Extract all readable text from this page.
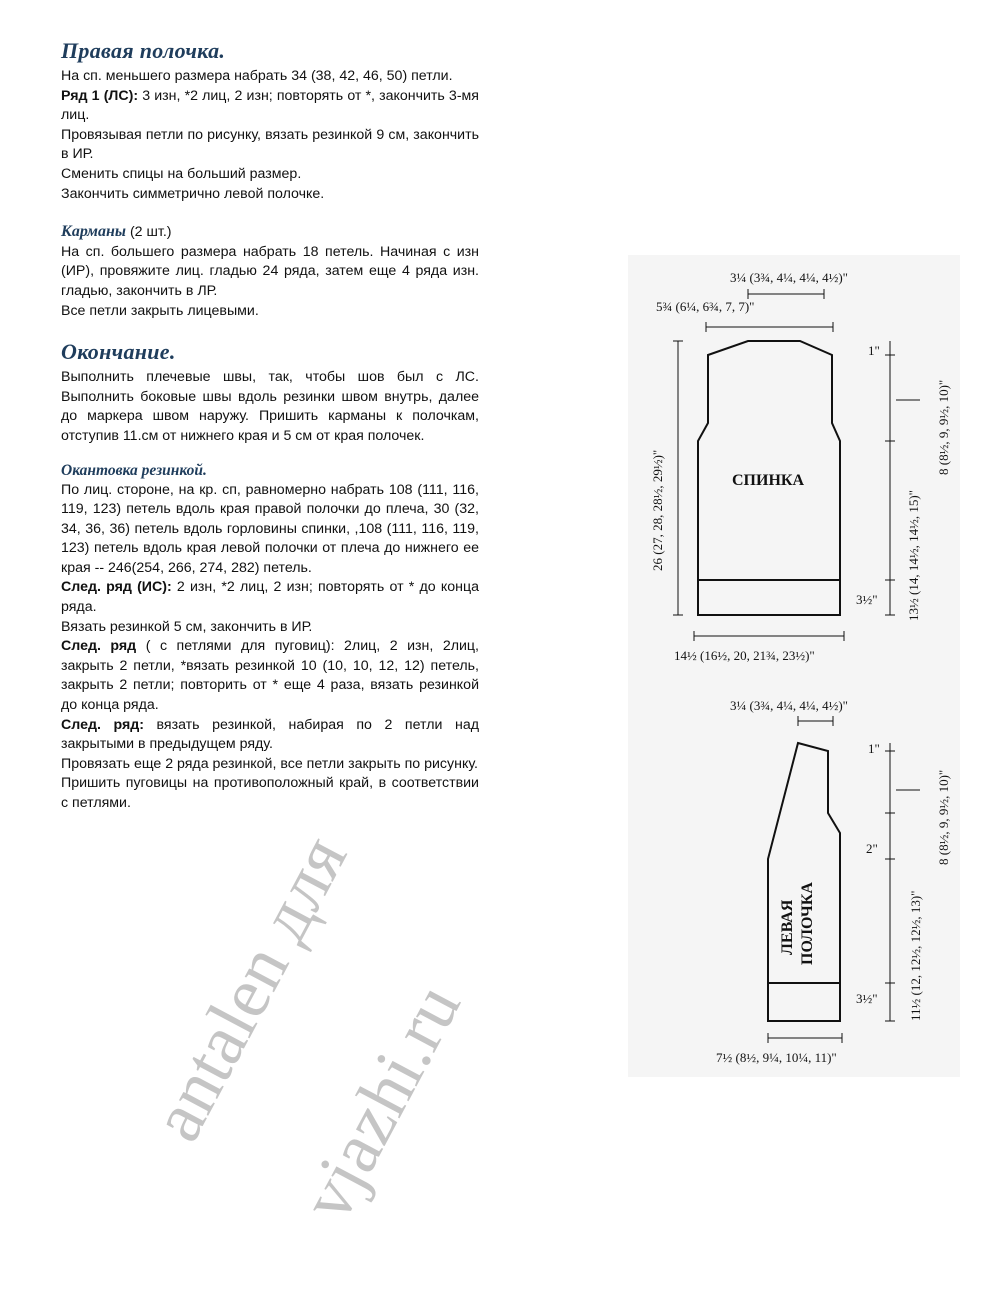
Правая полочка.

На сп. меньшего размера набрать 34 (38, 42, 46, 50) петли.

Ряд 1 (ЛС): 3 изн, *2 лиц, 2 изн; повторять от *, закончить 3-мя лиц.

Провязывая петли по рисунку, вязать резинкой 9 см, закончить в ИР.

Сменить спицы на больший размер.

Закончить симметрично левой полочке.

Карманы (2 шт.)

На сп. большего размера набрать 18 петель. Начиная с изн (ИР), провяжите лиц. гладью 24 ряда, затем еще 4 ряда изн. гладью, закончить в ЛР.

Все петли закрыть лицевыми.

Окончание.

Выполнить плечевые швы, так, чтобы шов был с ЛС. Выполнить боковые швы вдоль резинки швом внутрь, далее до маркера швом наружу. Пришить карманы к полочкам, отступив 11.см от нижнего края и 5 см от края полочек.

Окантовка резинкой.

По лиц. стороне, на кр. сп, равномерно набрать 108 (111, 116, 119, 123) петель вдоль края правой полочки до плеча, 30 (32, 34, 36, 36) петель вдоль горловины спинки, ,108 (111, 116, 119, 123) петель вдоль края левой полочки от плеча до нижнего ее края -- 246(254, 266, 274, 282) петель.

След. ряд (ИС): 2 изн, *2 лиц, 2 изн; повторять от * до конца ряда.

Вязать резинкой 5 см, закончить в ИР.

След. ряд ( с петлями для пуговиц): 2лиц, 2 изн, 2лиц, закрыть 2 петли, *вязать резинкой 10 (10, 10, 12, 12) петель, закрыть 2 петли; повторить от * еще 4 раза, вязать резинкой до конца ряда.

След. ряд: вязать резинкой, набирая по 2 петли над закрытыми в предыдущем ряду.

Провязать еще 2 ряда резинкой, все петли закрыть по рисунку.

Пришить пуговицы на противоположный край, в соответствии с петлями.

3¼ (3¾, 4¼, 4¼, 4½)"
5¾ (6¼, 6¾, 7, 7)"
1"
3½"
14½ (16½, 20, 21¾, 23½)"
26 (27, 28, 28½, 29½)"	13½ (14, 14½, 14½, 15)"
8 (8½, 9, 9½, 10)"
3¼ (3¾, 4¼, 4¼, 4½)"
1"
2"
3½"
7½ (8½, 9¼, 10¼, 11)"
11½ (12, 12½, 12½, 13)"
8 (8½, 9, 9½, 10)"
СПИНКА
ЛЕВАЯ ПОЛОЧКА
antalen для
vjazhi.ru
